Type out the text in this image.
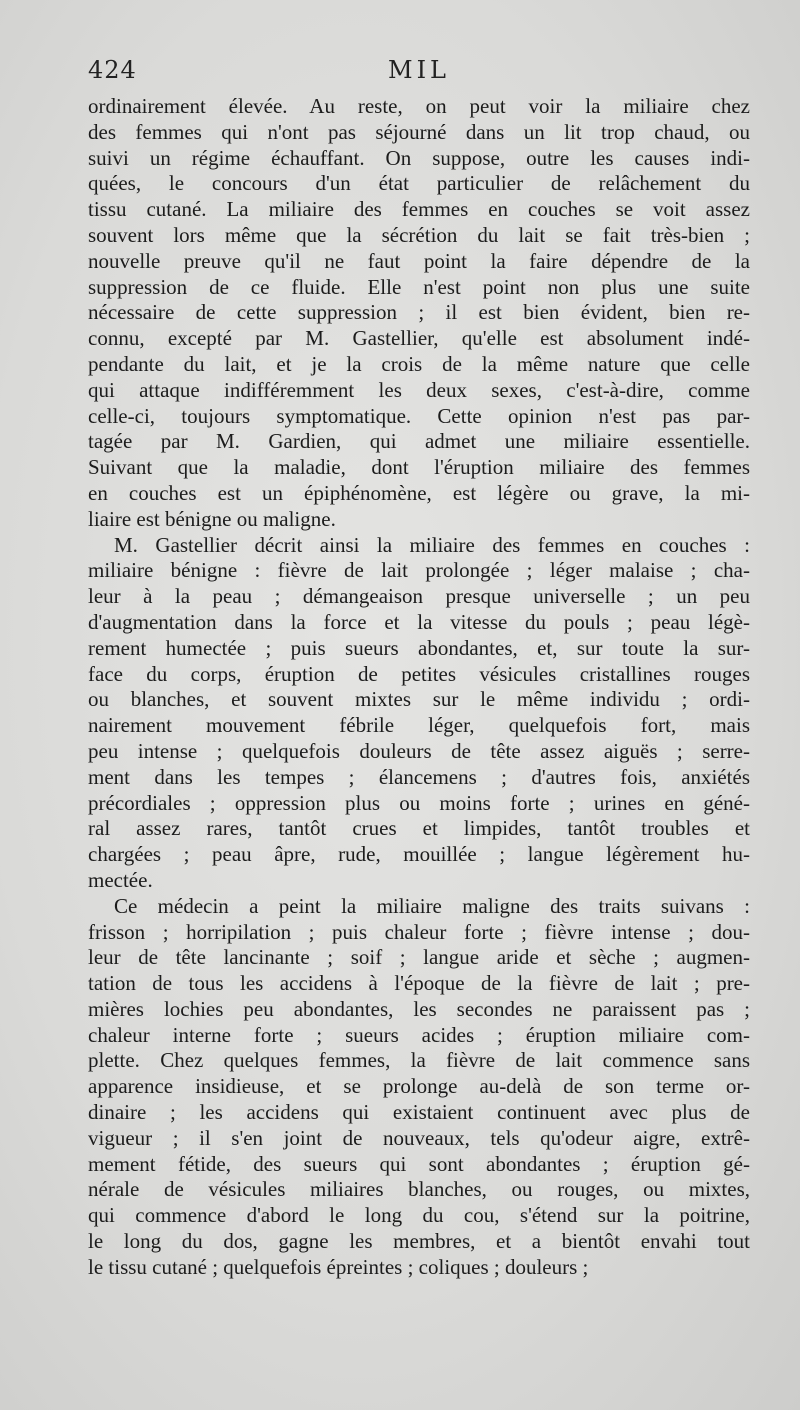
424	MIL
ordinairement élevée. Au reste, on peut voir la miliaire chez
des femmes qui n'ont pas séjourné dans un lit trop chaud, ou
suivi un régime échauffant. On suppose, outre les causes indi-
quées, le concours d'un état particulier de relâchement du
tissu cutané. La miliaire des femmes en couches se voit assez
souvent lors même que la sécrétion du lait se fait très-bien ;
nouvelle preuve qu'il ne faut point la faire dépendre de la
suppression de ce fluide. Elle n'est point non plus une suite
nécessaire de cette suppression ; il est bien évident, bien re-
connu, excepté par M. Gastellier, qu'elle est absolument indé-
pendante du lait, et je la crois de la même nature que celle
qui attaque indifféremment les deux sexes, c'est-à-dire, comme
celle-ci, toujours symptomatique. Cette opinion n'est pas par-
tagée par M. Gardien, qui admet une miliaire essentielle.
Suivant que la maladie, dont l'éruption miliaire des femmes
en couches est un épiphénomène, est légère ou grave, la mi-
liaire est bénigne ou maligne.
M. Gastellier décrit ainsi la miliaire des femmes en couches :
miliaire bénigne : fièvre de lait prolongée ; léger malaise ; cha-
leur à la peau ; démangeaison presque universelle ; un peu
d'augmentation dans la force et la vitesse du pouls ; peau légè-
rement humectée ; puis sueurs abondantes, et, sur toute la sur-
face du corps, éruption de petites vésicules cristallines rouges
ou blanches, et souvent mixtes sur le même individu ; ordi-
nairement mouvement fébrile léger, quelquefois fort, mais
peu intense ; quelquefois douleurs de tête assez aiguës ; serre-
ment dans les tempes ; élancemens ; d'autres fois, anxiétés
précordiales ; oppression plus ou moins forte ; urines en géné-
ral assez rares, tantôt crues et limpides, tantôt troubles et
chargées ; peau âpre, rude, mouillée ; langue légèrement hu-
mectée.
Ce médecin a peint la miliaire maligne des traits suivans :
frisson ; horripilation ; puis chaleur forte ; fièvre intense ; dou-
leur de tête lancinante ; soif ; langue aride et sèche ; augmen-
tation de tous les accidens à l'époque de la fièvre de lait ; pre-
mières lochies peu abondantes, les secondes ne paraissent pas ;
chaleur interne forte ; sueurs acides ; éruption miliaire com-
plette. Chez quelques femmes, la fièvre de lait commence sans
apparence insidieuse, et se prolonge au-delà de son terme or-
dinaire ; les accidens qui existaient continuent avec plus de
vigueur ; il s'en joint de nouveaux, tels qu'odeur aigre, extrê-
mement fétide, des sueurs qui sont abondantes ; éruption gé-
nérale de vésicules miliaires blanches, ou rouges, ou mixtes,
qui commence d'abord le long du cou, s'étend sur la poitrine,
le long du dos, gagne les membres, et a bientôt envahi tout
le tissu cutané ; quelquefois épreintes ; coliques ; douleurs ;
